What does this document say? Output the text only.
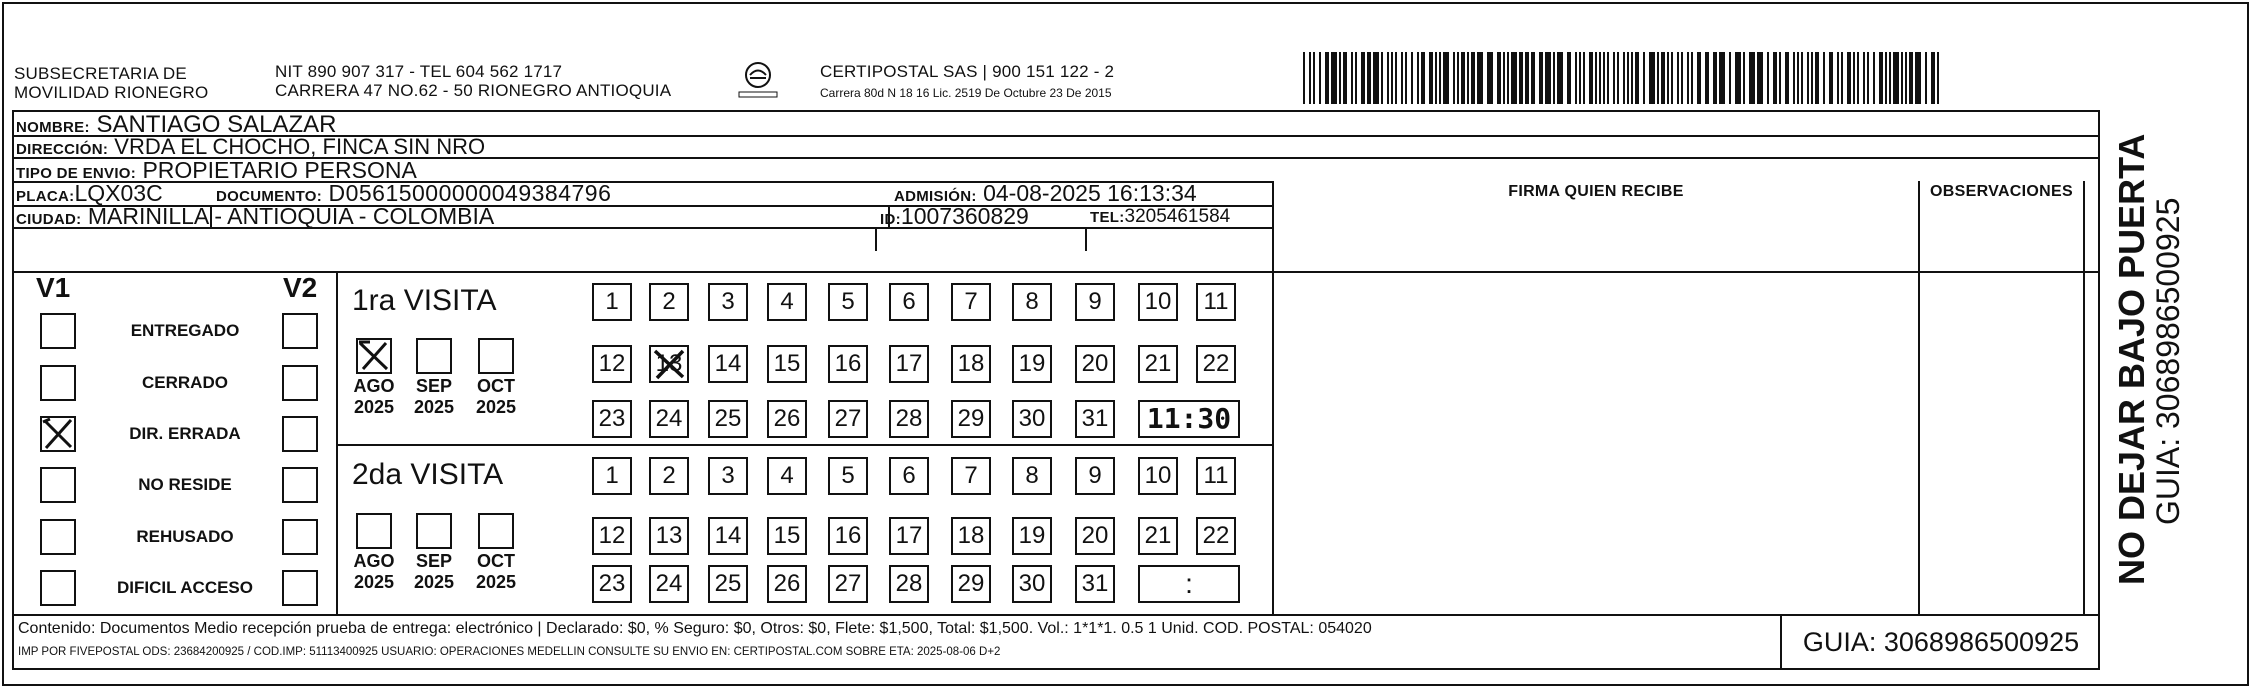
SUBSECRETARIA DE
MOVILIDAD RIONEGRO
NIT 890 907 317 - TEL 604 562 1717
CARRERA 47 NO.62 - 50 RIONEGRO ANTIOQUIA
CERTIPOSTAL SAS | 900 151 122 - 2
Carrera 80d N 18 16 Lic. 2519 De Octubre 23 De 2015
NOMBRE: SANTIAGO SALAZAR
DIRECCIÓN: VRDA EL CHOCHO, FINCA SIN NRO
TIPO DE ENVIO: PROPIETARIO PERSONA
FIRMA QUIEN RECIBE	OBSERVACIONES
PLACA:LQX03C	DOCUMENTO: D05615000000049384796	ADMISIÓN: 04-08-2025 16:13:34
CIUDAD: MARINILLA - ANTIOQUIA - COLOMBIA	ID:1007360829	TEL:3205461584
V1	V2
ENTREGADO
CERRADO
DIR. ERRADA
NO RESIDE
REHUSADO
DIFICIL ACCESO
1ra VISITA
AGO
2025
SEP
2025
OCT
2025
1	2	3	4	5	6	7	8	9	10	11
12 13 14 15 16 17 18 19 20 21 22
23 24 25 26 27 28 29 30 31	11:30
2da VISITA
AGO
2025
SEP
2025
OCT
2025
1	2	3	4	5	6	7	8	9	10	11
12 13 14 15 16 17 18 19 20 21 22
23 24 25 26 27 28 29 30 31	:
Contenido: Documentos Medio recepción prueba de entrega: electrónico | Declarado: $0, % Seguro: $0, Otros: $0, Flete: $1,500, Total: $1,500. Vol.: 1*1*1. 0.5 1 Unid. COD. POSTAL: 054020
IMP POR FIVEPOSTAL ODS: 23684200925 / COD.IMP: 51113400925 USUARIO: OPERACIONES MEDELLIN CONSULTE SU ENVIO EN: CERTIPOSTAL.COM SOBRE ETA: 2025-08-06 D+2	GUIA: 3068986500925
NO DEJAR BAJO PUERTA
GUIA: 3068986500925
